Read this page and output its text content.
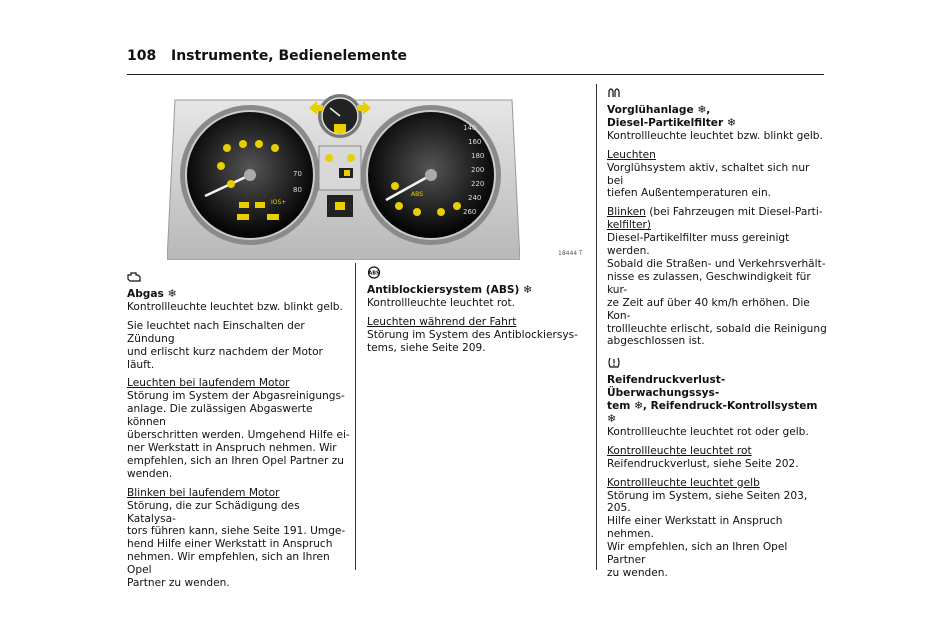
108 Instrumente, Bedienelemente
70
80
IOS+
ABS
140
160
180
200
220
240
260
18444 T
Abgas ❄

Kontrollleuchte leuchtet bzw. blinkt gelb.

Sie leuchtet nach Einschalten der Zündung
und erlischt kurz nachdem der Motor läuft.
Leuchten bei laufendem Motor
Störung im System der Abgasreinigungs-
anlage. Die zulässigen Abgaswerte können
überschritten werden. Umgehend Hilfe ei-
ner Werkstatt in Anspruch nehmen. Wir
empfehlen, sich an Ihren Opel Partner zu
wenden.
Blinken bei laufendem Motor
Störung, die zur Schädigung des Katalysa-
tors führen kann, siehe Seite 191. Umge-
hend Hilfe einer Werkstatt in Anspruch
nehmen. Wir empfehlen, sich an Ihren Opel
Partner zu wenden.
ABS
Antiblockiersystem (ABS) ❄

Kontrollleuchte leuchtet rot.

Leuchten während der Fahrt
Störung im System des Antiblockiersys-
tems, siehe Seite 209.
Vorglühanlage ❄,
Diesel-Partikelfilter ❄

Kontrollleuchte leuchtet bzw. blinkt gelb.

Leuchten
Vorglühsystem aktiv, schaltet sich nur bei
tiefen Außentemperaturen ein.
Blinken (bei Fahrzeugen mit Diesel-Parti-
kelfilter)
Diesel-Partikelfilter muss gereinigt werden.
Sobald die Straßen- und Verkehrsverhält-
nisse es zulassen, Geschwindigkeit für kur-
ze Zeit auf über 40 km/h erhöhen. Die Kon-
trollleuchte erlischt, sobald die Reinigung
abgeschlossen ist.
Reifendruckverlust-Überwachungssys-
tem ❄, Reifendruck-Kontrollsystem ❄

Kontrollleuchte leuchtet rot oder gelb.

Kontrollleuchte leuchtet rot
Reifendruckverlust, siehe Seite 202.
Kontrollleuchte leuchtet gelb
Störung im System, siehe Seiten 203, 205.
Hilfe einer Werkstatt in Anspruch nehmen.
Wir empfehlen, sich an Ihren Opel Partner
zu wenden.
